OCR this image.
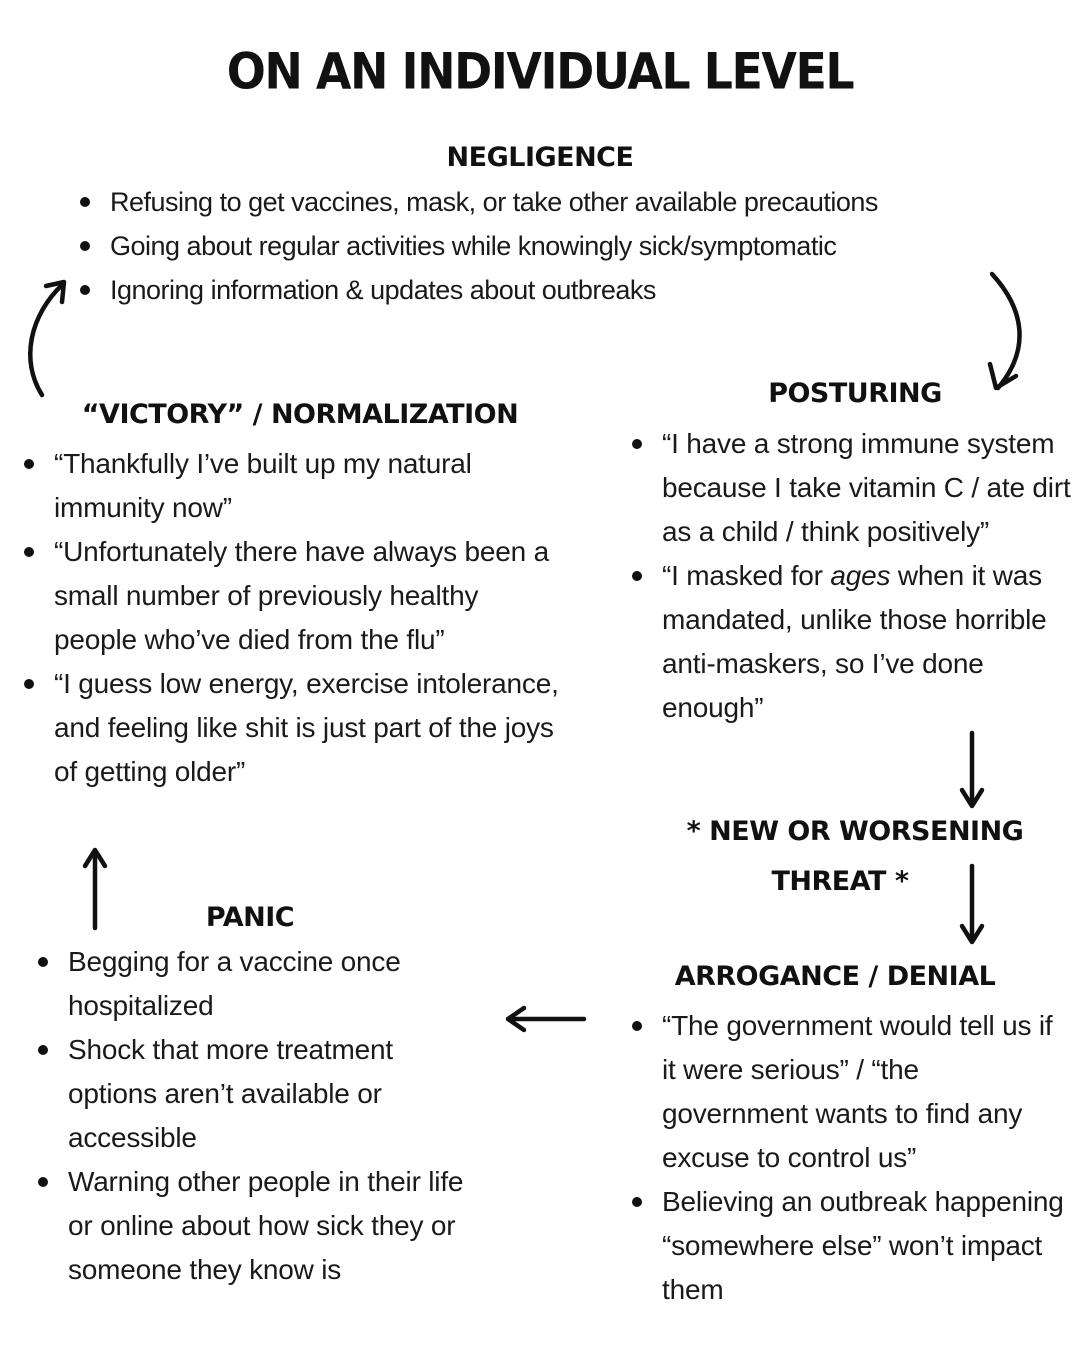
ON AN INDIVIDUAL LEVEL
NEGLIGENCE
Refusing to get vaccines, mask, or take other available precautions
Going about regular activities while knowingly sick/symptomatic
Ignoring information & updates about outbreaks
POSTURING
“I have a strong immune system because I take vitamin C / ate dirt as a child / think positively”
“I masked for ages when it was mandated, unlike those horrible anti-maskers, so I’ve done enough”
* NEW OR WORSENING
THREAT *
ARROGANCE / DENIAL
“The government would tell us if it were serious” / “the government wants to find any excuse to control us”
Believing an outbreak happening “somewhere else” won’t impact them
PANIC
Begging for a vaccine once hospitalized
Shock that more treatment options aren’t available or accessible
Warning other people in their life or online about how sick they or someone they know is
“VICTORY” / NORMALIZATION
“Thankfully I’ve built up my natural immunity now”
“Unfortunately there have always been a small number of previously healthy people who’ve died from the flu”
“I guess low energy, exercise intolerance, and feeling like shit is just part of the joys of getting older”
